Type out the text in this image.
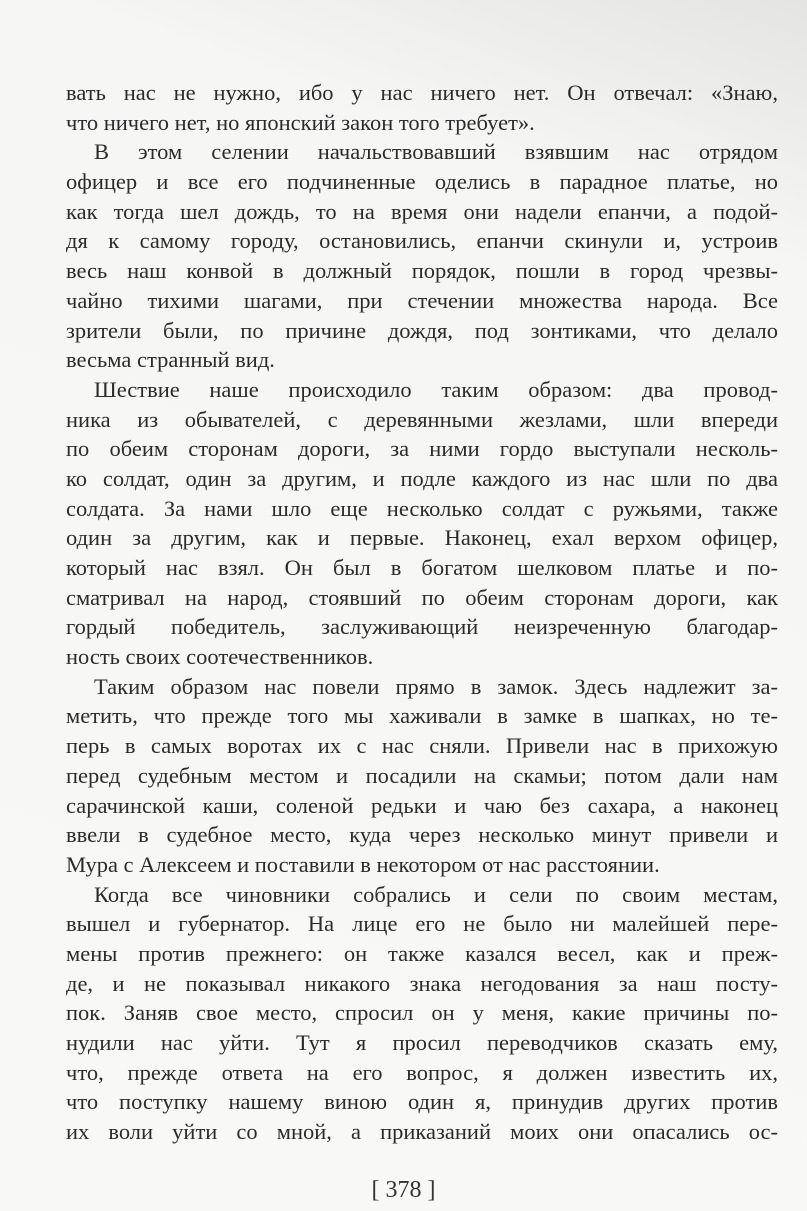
вать нас не нужно, ибо у нас ничего нет. Он отвечал: «Знаю,
что ничего нет, но японский закон того требует».
В этом селении начальствовавший взявшим нас отрядом
офицер и все его подчиненные оделись в парадное платье, но
как тогда шел дождь, то на время они надели епанчи, а подой-
дя к самому городу, остановились, епанчи скинули и, устроив
весь наш конвой в должный порядок, пошли в город чрезвы-
чайно тихими шагами, при стечении множества народа. Все
зрители были, по причине дождя, под зонтиками, что делало
весьма странный вид.
Шествие наше происходило таким образом: два провод-
ника из обывателей, с деревянными жезлами, шли впереди
по обеим сторонам дороги, за ними гордо выступали несколь-
ко солдат, один за другим, и подле каждого из нас шли по два
солдата. За нами шло еще несколько солдат с ружьями, также
один за другим, как и первые. Наконец, ехал верхом офицер,
который нас взял. Он был в богатом шелковом платье и по-
сматривал на народ, стоявший по обеим сторонам дороги, как
гордый победитель, заслуживающий неизреченную благодар-
ность своих соотечественников.
Таким образом нас повели прямо в замок. Здесь надлежит за-
метить, что прежде того мы хаживали в замке в шапках, но те-
перь в самых воротах их с нас сняли. Привели нас в прихожую
перед судебным местом и посадили на скамьи; потом дали нам
сарачинской каши, соленой редьки и чаю без сахара, а наконец
ввели в судебное место, куда через несколько минут привели и
Мура с Алексеем и поставили в некотором от нас расстоянии.
Когда все чиновники собрались и сели по своим местам,
вышел и губернатор. На лице его не было ни малейшей пере-
мены против прежнего: он также казался весел, как и преж-
де, и не показывал никакого знака негодования за наш посту-
пок. Заняв свое место, спросил он у меня, какие причины по-
нудили нас уйти. Тут я просил переводчиков сказать ему,
что, прежде ответа на его вопрос, я должен известить их,
что поступку нашему виною один я, принудив других против
их воли уйти со мной, а приказаний моих они опасались ос-
[ 378 ]
